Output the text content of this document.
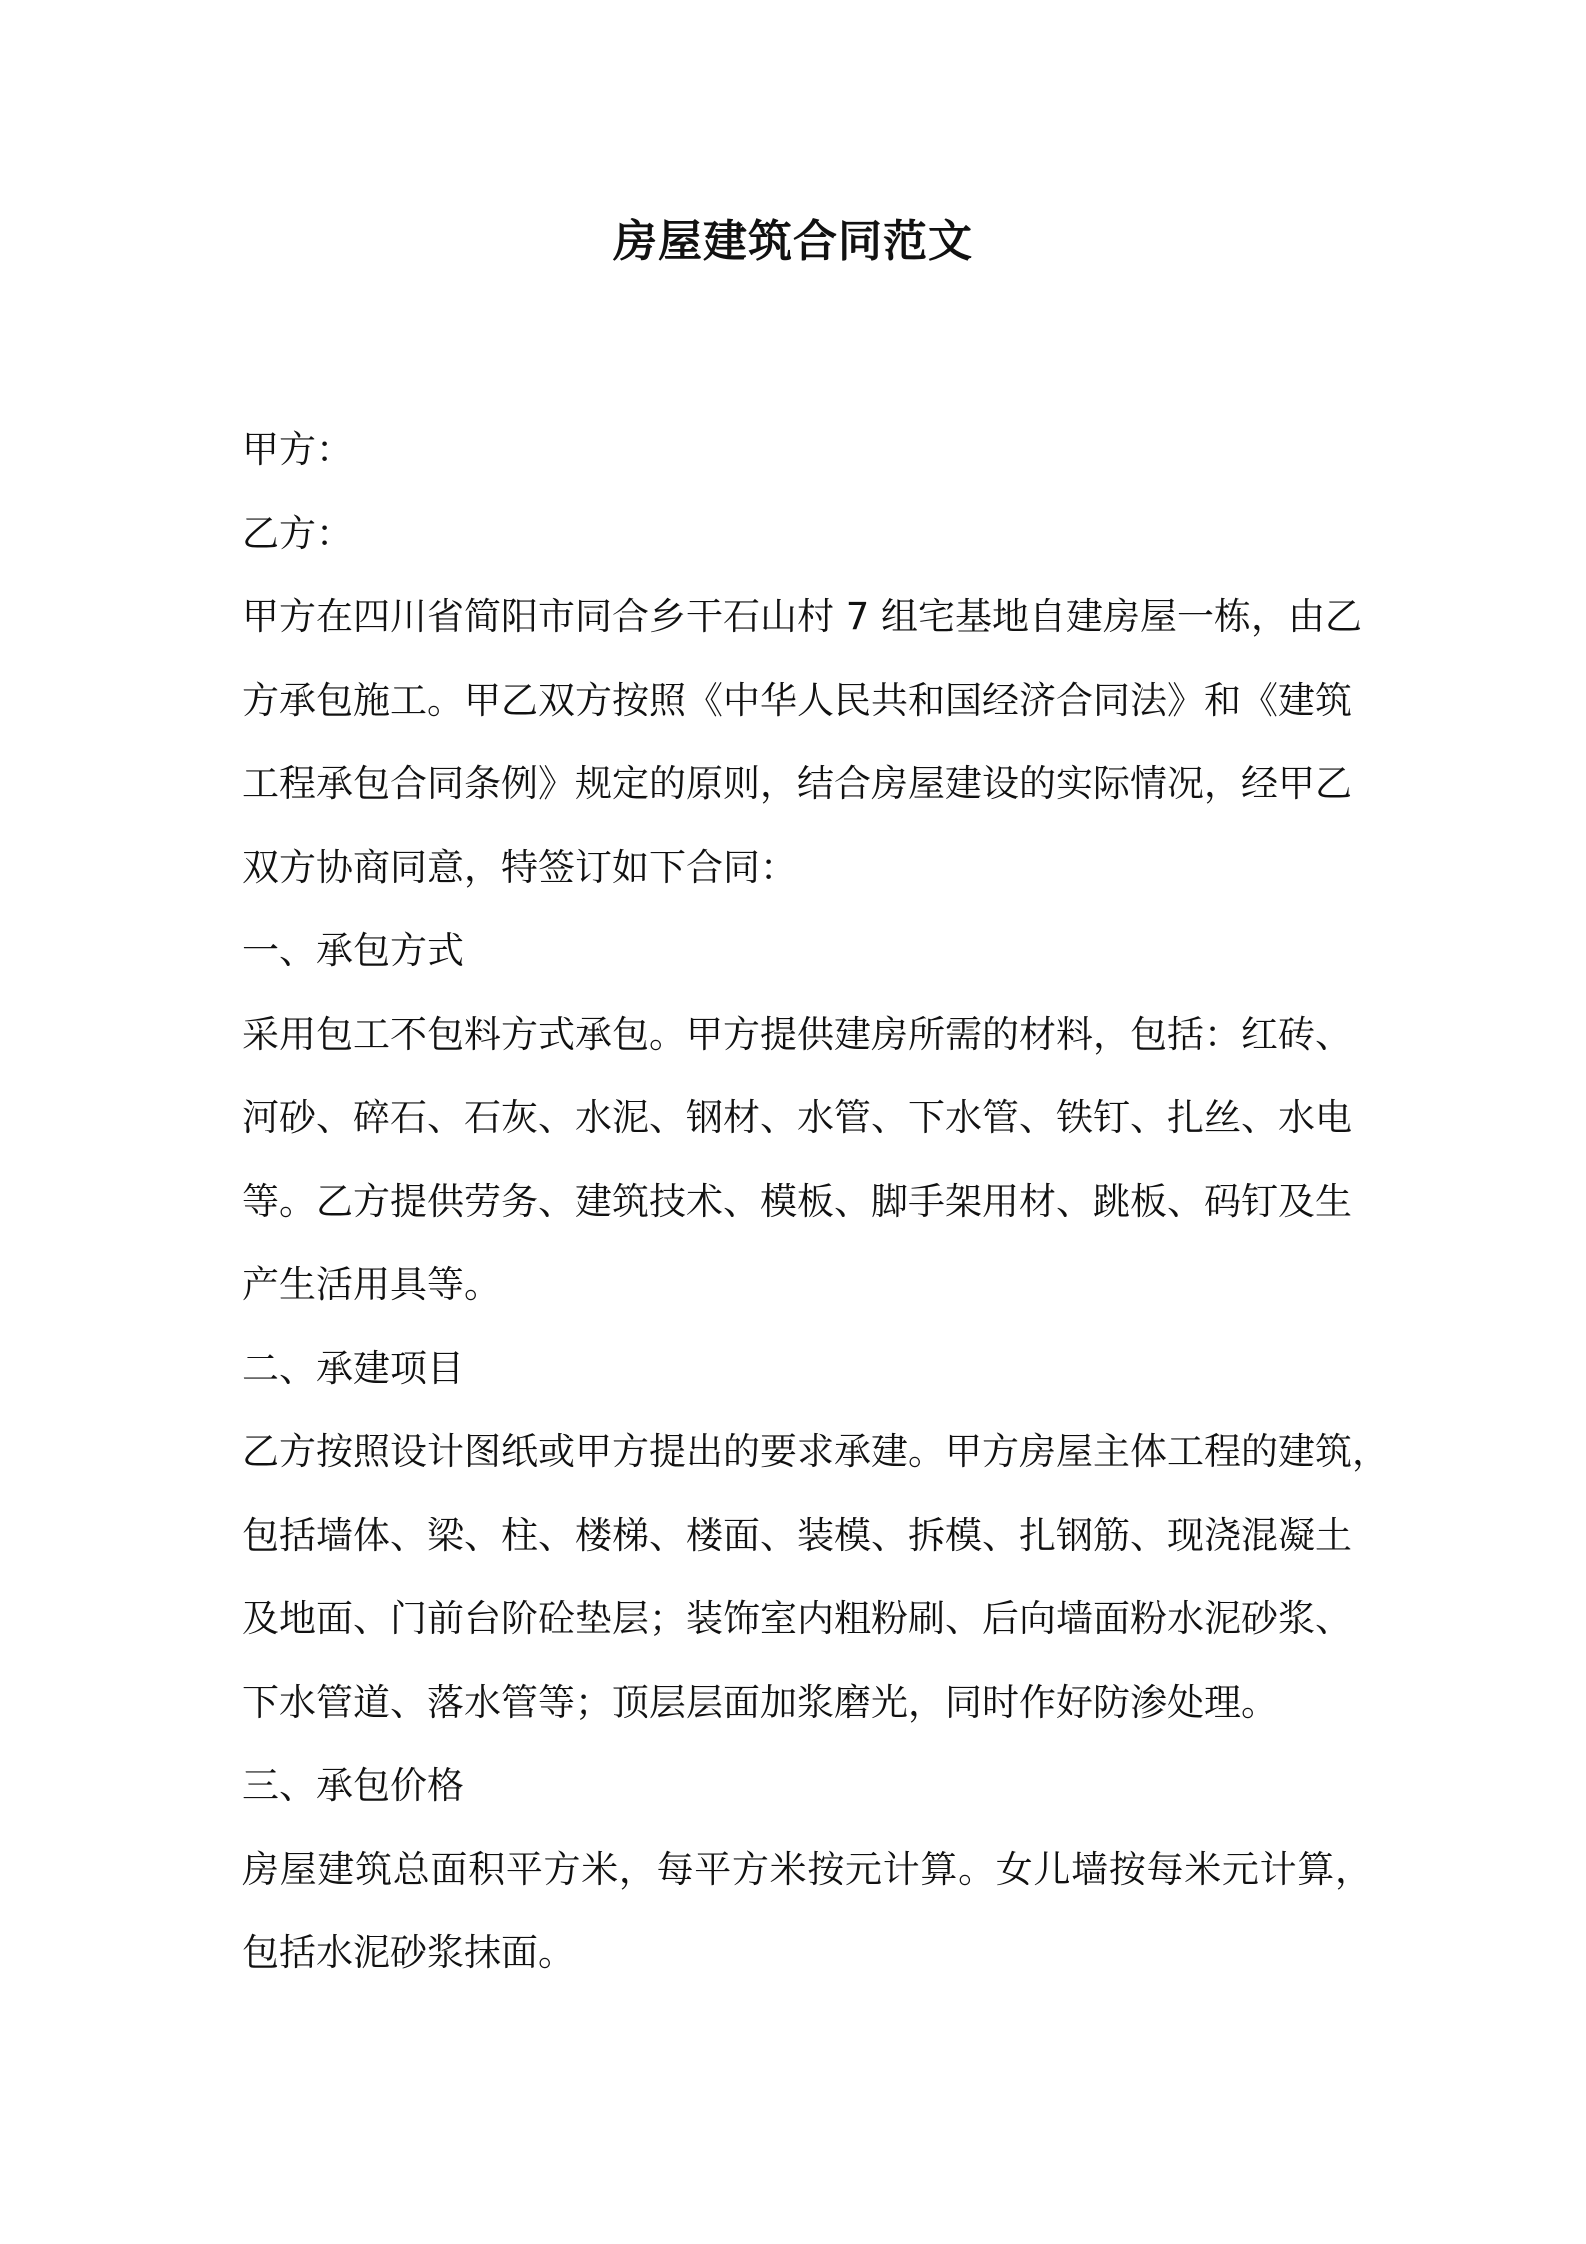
房屋建筑合同范文
甲方：
乙方：
甲方在四川省简阳市同合乡干石山村 7 组宅基地自建房屋一栋，由乙
方承包施工。甲乙双方按照《中华人民共和国经济合同法》和《建筑
工程承包合同条例》规定的原则，结合房屋建设的实际情况，经甲乙
双方协商同意，特签订如下合同：
一、承包方式
采用包工不包料方式承包。甲方提供建房所需的材料，包括：红砖、
河砂、碎石、石灰、水泥、钢材、水管、下水管、铁钉、扎丝、水电
等。乙方提供劳务、建筑技术、模板、脚手架用材、跳板、码钉及生
产生活用具等。
二、承建项目
乙方按照设计图纸或甲方提出的要求承建。甲方房屋主体工程的建筑，
包括墙体、梁、柱、楼梯、楼面、装模、拆模、扎钢筋、现浇混凝土
及地面、门前台阶砼垫层；装饰室内粗粉刷、后向墙面粉水泥砂浆、
下水管道、落水管等；顶层层面加浆磨光，同时作好防渗处理。
三、承包价格
房屋建筑总面积平方米，每平方米按元计算。女儿墙按每米元计算，
包括水泥砂浆抹面。
